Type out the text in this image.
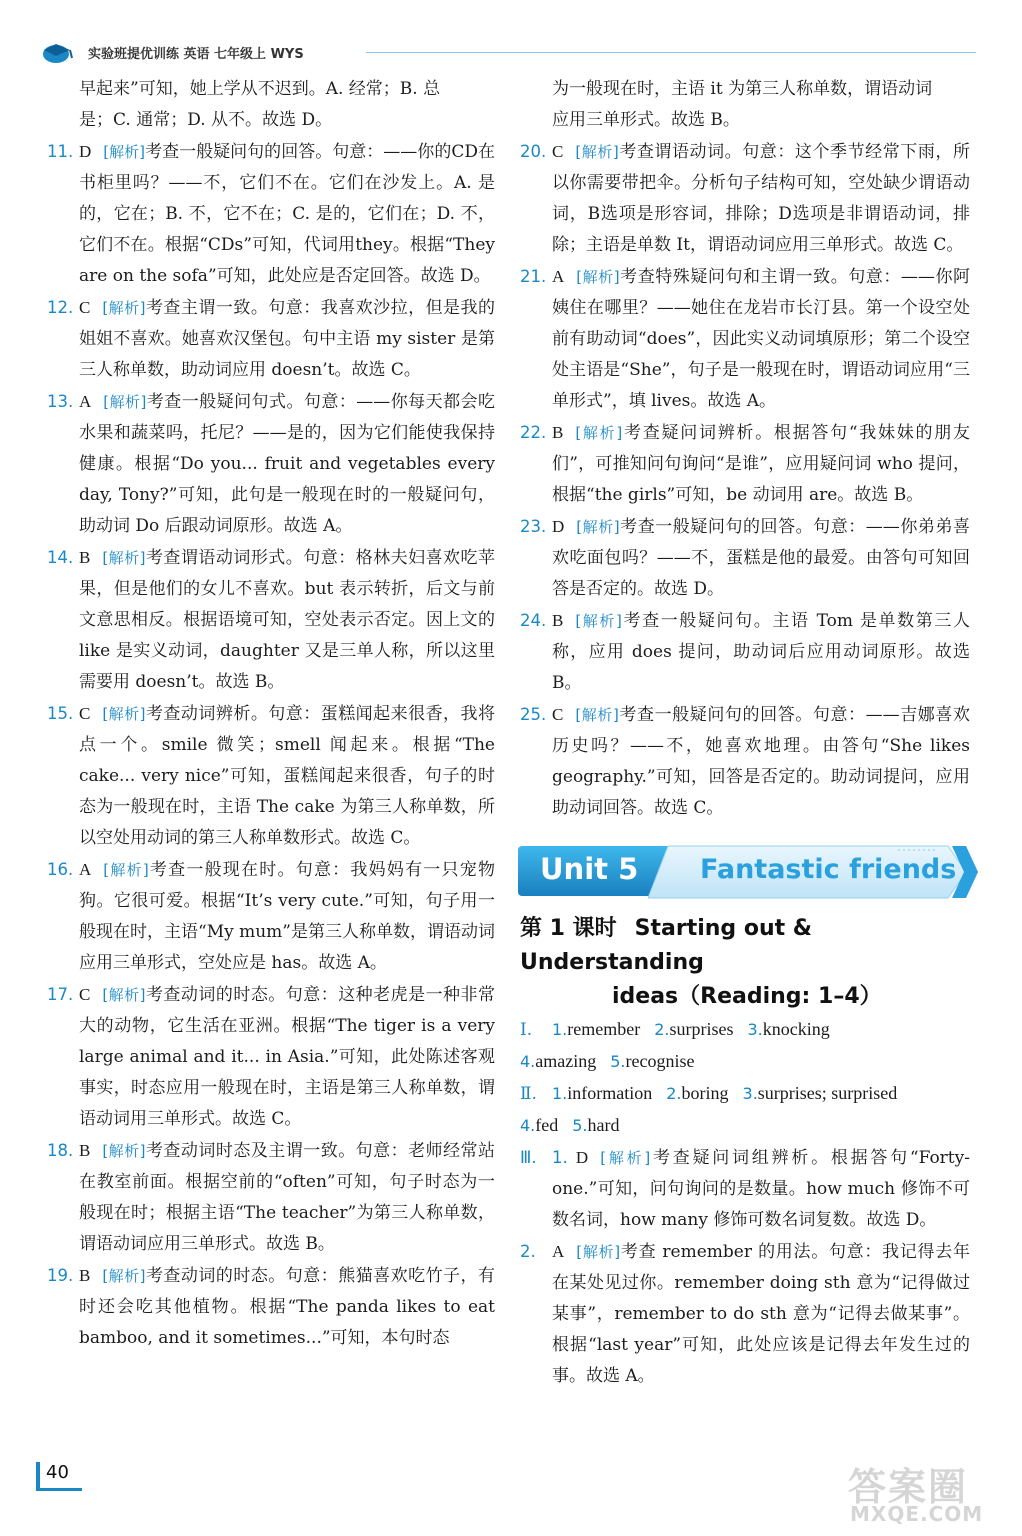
实验班提优训练 英语 七年级上 WYS
早起来”可知，她上学从不迟到。A. 经常；B. 总
是；C. 通常；D. 从不。故选 D。
11. D [解析]考查一般疑问句的回答。句意：——你的CD在书柜里吗？——不，它们不在。它们在沙发上。A. 是的，它在；B. 不，它不在；C. 是的，它们在；D. 不，它们不在。根据“CDs”可知，代词用they。根据“They are on the sofa”可知，此处应是否定回答。故选 D。
12. C [解析]考查主谓一致。句意：我喜欢沙拉，但是我的姐姐不喜欢。她喜欢汉堡包。句中主语 my sister 是第三人称单数，助动词应用 doesn’t。故选 C。
13. A [解析]考查一般疑问句式。句意：——你每天都会吃水果和蔬菜吗，托尼？——是的，因为它们能使我保持健康。根据“Do you... fruit and vegetables every day, Tony?”可知，此句是一般现在时的一般疑问句，助动词 Do 后跟动词原形。故选 A。
14. B [解析]考查谓语动词形式。句意：格林夫妇喜欢吃苹果，但是他们的女儿不喜欢。but 表示转折，后文与前文意思相反。根据语境可知，空处表示否定。因上文的 like 是实义动词，daughter 又是三单人称，所以这里需要用 doesn’t。故选 B。
15. C [解析]考查动词辨析。句意：蛋糕闻起来很香，我将点一个。smile 微笑；smell 闻起来。根据“The cake... very nice”可知，蛋糕闻起来很香，句子的时态为一般现在时，主语 The cake 为第三人称单数，所以空处用动词的第三人称单数形式。故选 C。
16. A [解析]考查一般现在时。句意：我妈妈有一只宠物狗。它很可爱。根据“It’s very cute.”可知，句子用一般现在时，主语“My mum”是第三人称单数，谓语动词应用三单形式，空处应是 has。故选 A。
17. C [解析]考查动词的时态。句意：这种老虎是一种非常大的动物，它生活在亚洲。根据“The tiger is a very large animal and it... in Asia.”可知，此处陈述客观事实，时态应用一般现在时，主语是第三人称单数，谓语动词用三单形式。故选 C。
18. B [解析]考查动词时态及主谓一致。句意：老师经常站在教室前面。根据空前的“often”可知，句子时态为一般现在时；根据主语“The teacher”为第三人称单数，谓语动词应用三单形式。故选 B。
19. B [解析]考查动词的时态。句意：熊猫喜欢吃竹子，有时还会吃其他植物。根据“The panda likes to eat bamboo, and it sometimes...”可知，本句时态
为一般现在时，主语 it 为第三人称单数，谓语动词
应用三单形式。故选 B。
20. C [解析]考查谓语动词。句意：这个季节经常下雨，所以你需要带把伞。分析句子结构可知，空处缺少谓语动词，B选项是形容词，排除；D选项是非谓语动词，排除；主语是单数 It，谓语动词应用三单形式。故选 C。
21. A [解析]考查特殊疑问句和主谓一致。句意：——你阿姨住在哪里？——她住在龙岩市长汀县。第一个设空处前有助动词“does”，因此实义动词填原形；第二个设空处主语是“She”，句子是一般现在时，谓语动词应用“三单形式”，填 lives。故选 A。
22. B [解析]考查疑问词辨析。根据答句“我妹妹的朋友们”，可推知问句询问“是谁”，应用疑问词 who 提问，根据“the girls”可知，be 动词用 are。故选 B。
23. D [解析]考查一般疑问句的回答。句意：——你弟弟喜欢吃面包吗？——不，蛋糕是他的最爱。由答句可知回答是否定的。故选 D。
24. B [解析]考查一般疑问句。主语 Tom 是单数第三人称，应用 does 提问，助动词后应用动词原形。故选 B。
25. C [解析]考查一般疑问句的回答。句意：——吉娜喜欢历史吗？——不，她喜欢地理。由答句“She likes geography.”可知，回答是否定的。助动词提问，应用助动词回答。故选 C。
Unit 5 Fantastic friends
第 1 课时 Starting out & Understanding
ideas（Reading: 1–4）
Ⅰ. 1.remember 2.surprises 3.knocking
4.amazing 5.recognise
Ⅱ. 1.information 2.boring 3.surprises; surprised
4.fed 5.hard
Ⅲ. 1. D [解析]考查疑问词组辨析。根据答句“Forty-one.”可知，问句询问的是数量。how much 修饰不可数名词，how many 修饰可数名词复数。故选 D。
2. A [解析]考查 remember 的用法。句意：我记得去年在某处见过你。remember doing sth 意为“记得做过某事”，remember to do sth 意为“记得去做某事”。根据“last year”可知，此处应该是记得去年发生过的事。故选 A。
40	答案圈
MXQE.COM
